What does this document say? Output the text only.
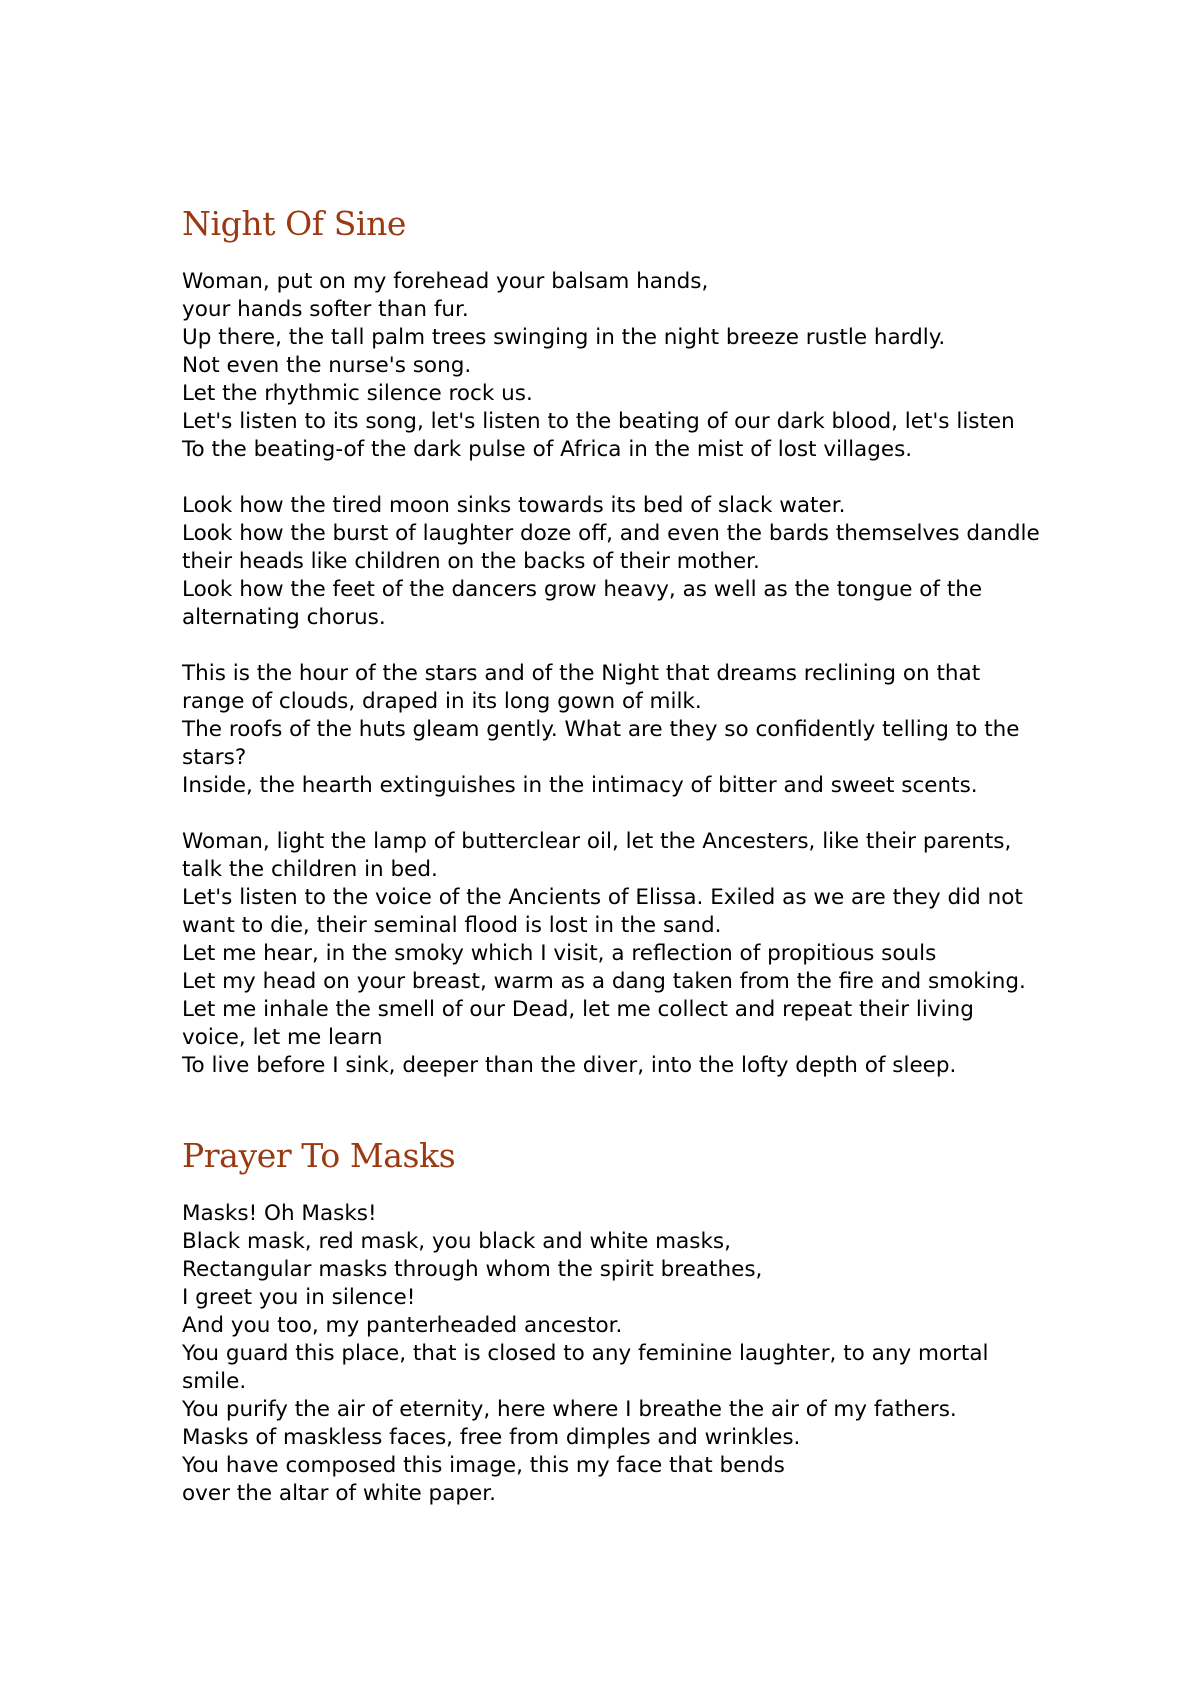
Night Of Sine
Woman, put on my forehead your balsam hands,
your hands softer than fur.
Up there, the tall palm trees swinging in the night breeze rustle hardly.
Not even the nurse's song.
Let the rhythmic silence rock us.
Let's listen to its song, let's listen to the beating of our dark blood, let's listen
To the beating-of the dark pulse of Africa in the mist of lost villages.
Look how the tired moon sinks towards its bed of slack water.
Look how the burst of laughter doze off, and even the bards themselves dandle their heads like children on the backs of their mother.
Look how the feet of the dancers grow heavy, as well as the tongue of the alternating chorus.
This is the hour of the stars and of the Night that dreams reclining on that range of clouds, draped in its long gown of milk.
The roofs of the huts gleam gently. What are they so confidently telling to the stars?
Inside, the hearth extinguishes in the intimacy of bitter and sweet scents.
Woman, light the lamp of butterclear oil, let the Ancesters, like their parents, talk the children in bed.
Let's listen to the voice of the Ancients of Elissa. Exiled as we are they did not want to die, their seminal flood is lost in the sand.
Let me hear, in the smoky which I visit, a reflection of propitious souls
Let my head on your breast, warm as a dang taken from the fire and smoking.
Let me inhale the smell of our Dead, let me collect and repeat their living voice, let me learn
To live before I sink, deeper than the diver, into the lofty depth of sleep.
Prayer To Masks
Masks! Oh Masks!
Black mask, red mask, you black and white masks,
Rectangular masks through whom the spirit breathes,
I greet you in silence!
And you too, my panterheaded ancestor.
You guard this place, that is closed to any feminine laughter, to any mortal smile.
You purify the air of eternity, here where I breathe the air of my fathers.
Masks of maskless faces, free from dimples and wrinkles.
You have composed this image, this my face that bends
over the altar of white paper.
